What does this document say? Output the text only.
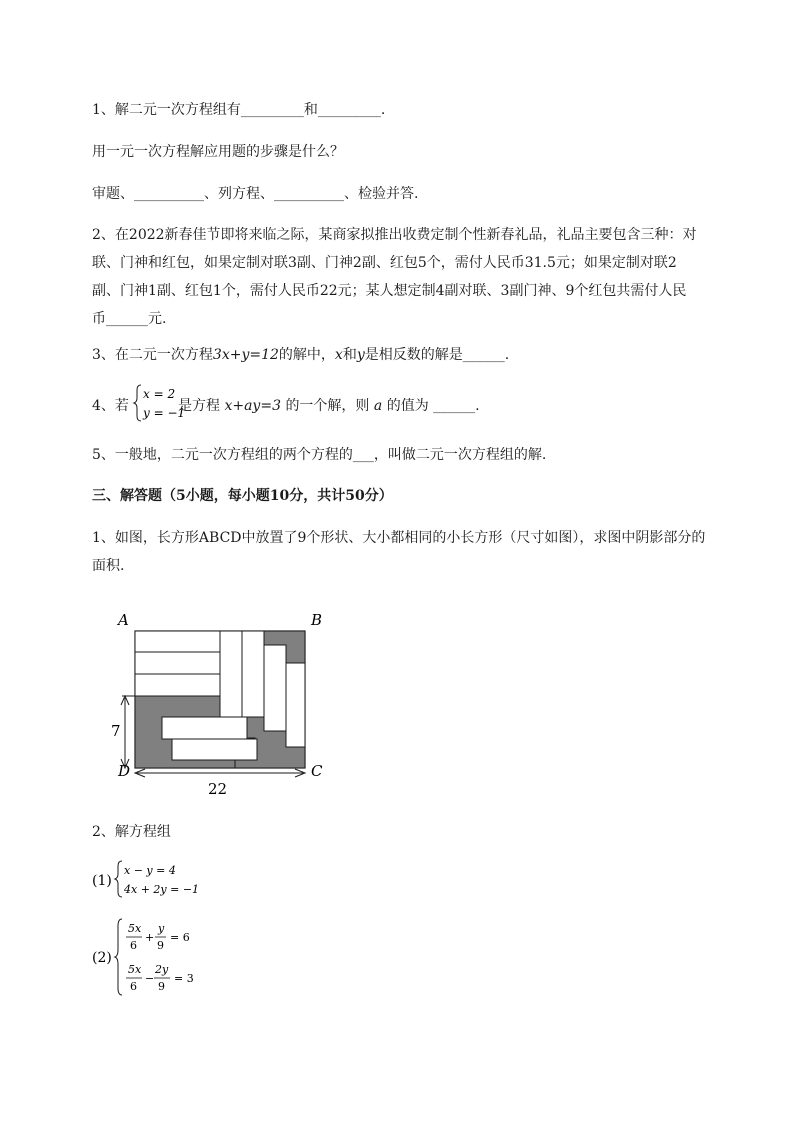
1、解二元一次方程组有_________和_________.
用一元一次方程解应用题的步骤是什么？
审题、__________、列方程、__________、检验并答.
2、在2022新春佳节即将来临之际，某商家拟推出收费定制个性新春礼品，礼品主要包含三种：对
联、门神和红包，如果定制对联3副、门神2副、红包5个，需付人民币31.5元；如果定制对联2
副、门神1副、红包1个，需付人民币22元；某人想定制4副对联、3副门神、9个红包共需付人民
币______元.
3、在二元一次方程3x+y=12的解中，x和y是相反数的解是______.
4、若
x = 2
y = −1
是方程 x+ay=3 的一个解，则 a 的值为 ______.
5、一般地，二元一次方程组的两个方程的___，叫做二元一次方程组的解.
三、解答题（5小题，每小题10分，共计50分）
1、如图，长方形ABCD中放置了9个形状、大小都相同的小长方形（尺寸如图），求图中阴影部分的
面积.
A	B
D	C
7
22
2、解方程组
(1)
x − y = 4
4x + 2y = −1
(2)
5x
6
+
y
9
= 6
5x
6
−
2y
9
= 3
